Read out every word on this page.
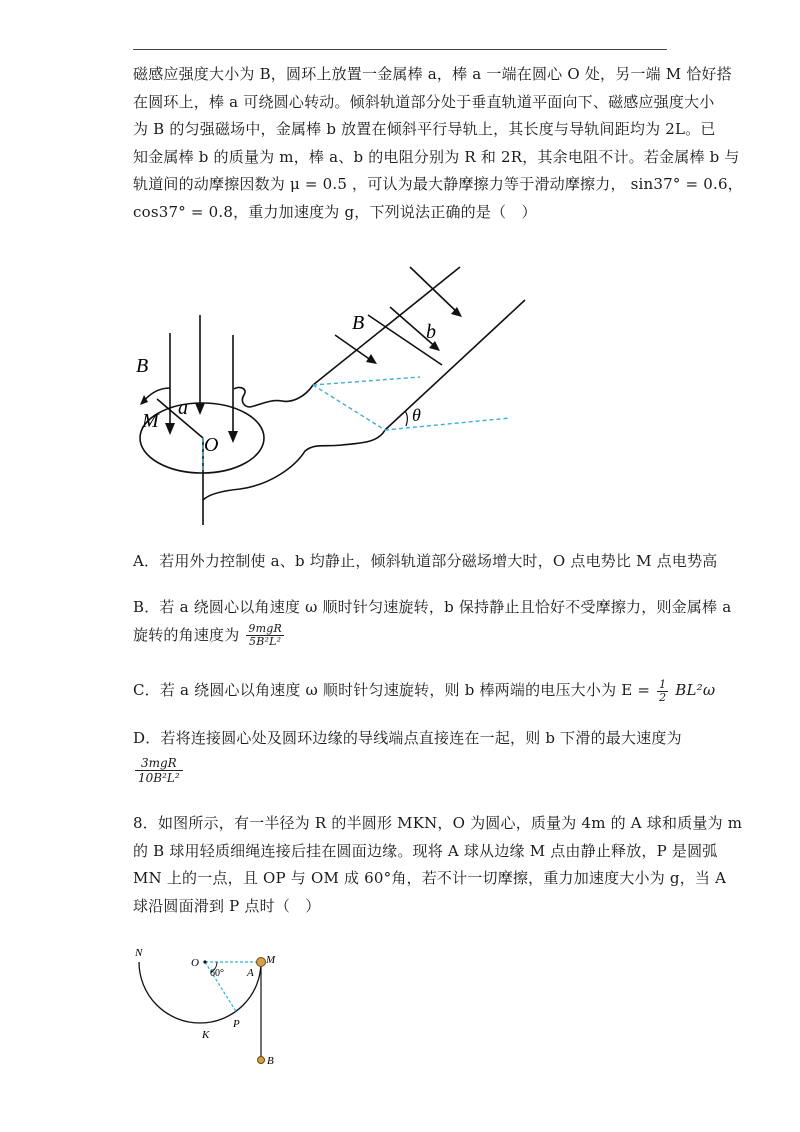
磁感应强度大小为 B，圆环上放置一金属棒 a，棒 a 一端在圆心 O 处，另一端 M 恰好搭
在圆环上，棒 a 可绕圆心转动。倾斜轨道部分处于垂直轨道平面向下、磁感应强度大小
为 B 的匀强磁场中，金属棒 b 放置在倾斜平行导轨上，其长度与导轨间距均为 2L。已
知金属棒 b 的质量为 m，棒 a、b 的电阻分别为 R 和 2R，其余电阻不计。若金属棒 b 与
轨道间的动摩擦因数为 μ = 0.5 ，可认为最大静摩擦力等于滑动摩擦力， sin37° = 0.6，
cos37° = 0.8，重力加速度为 g，下列说法正确的是（　）
B
B
a
b
M
O
θ
A．若用外力控制使 a、b 均静止，倾斜轨道部分磁场增大时，O 点电势比 M 点电势高
B．若 a 绕圆心以角速度 ω 顺时针匀速旋转，b 保持静止且恰好不受摩擦力，则金属棒 a
旋转的角速度为 $\frac{\text{9mgR}}{\text{5B²L²}}$
C．若 a 绕圆心以角速度 ω 顺时针匀速旋转，则 b 棒两端的电压大小为 $E = \frac{1}{2} BL^2\omega$
D．若将连接圆心处及圆环边缘的导线端点直接连在一起，则 b 下滑的最大速度为
3mgR
10B²L²
8．如图所示，有一半径为 R 的半圆形 MKN，O 为圆心，质量为 4m 的 A 球和质量为 m
的 B 球用轻质细绳连接后挂在圆面边缘。现将 A 球从边缘 M 点由静止释放，P 是圆弧
MN 上的一点，且 OP 与 OM 成 60°角，若不计一切摩擦，重力加速度大小为 g，当 A
球沿圆面滑到 P 点时（　）
N
O
60° A
M
P
K
B
